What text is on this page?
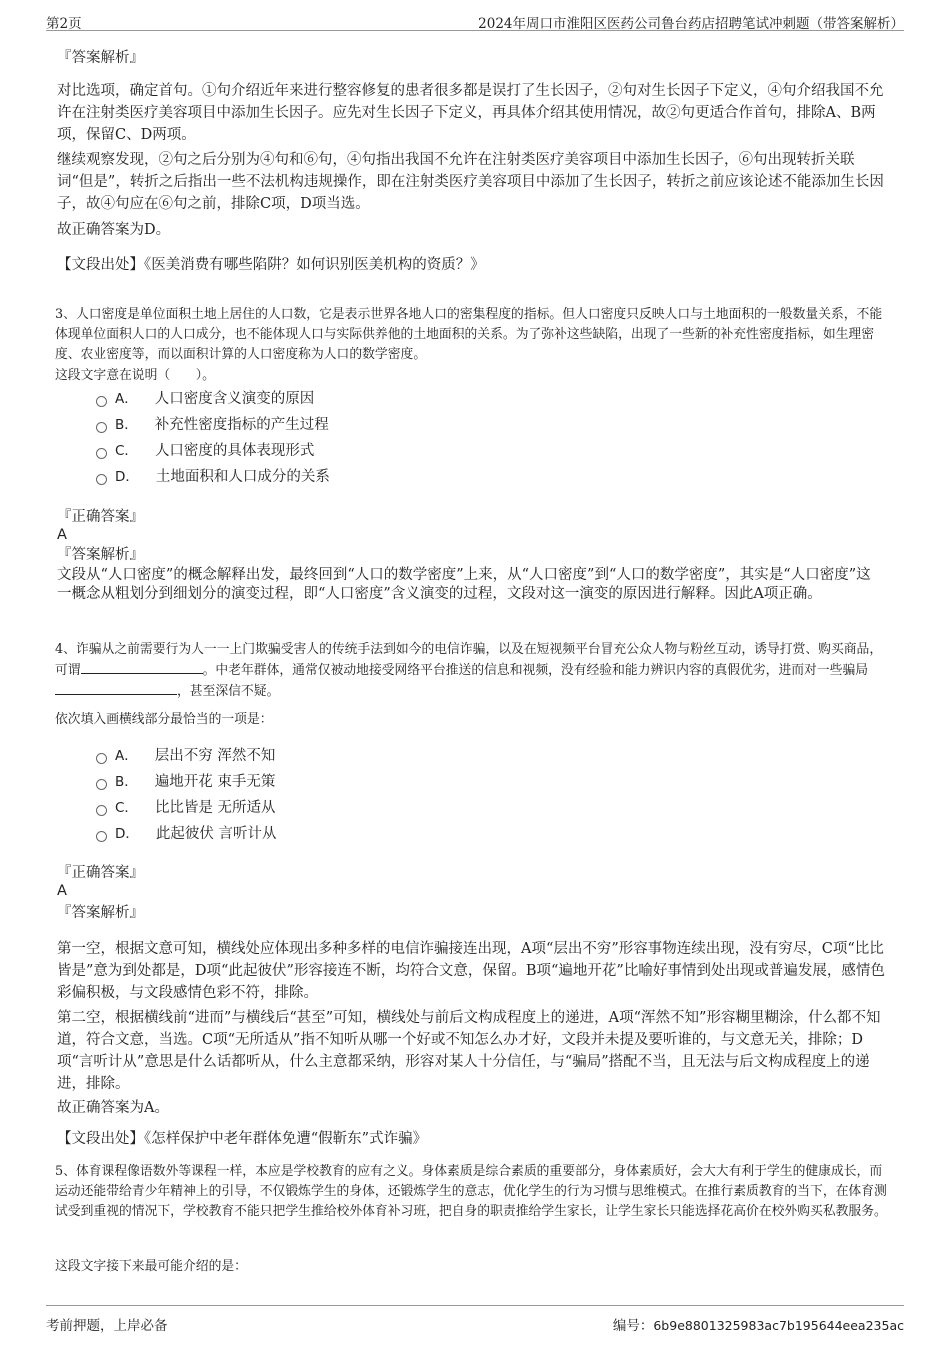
第2页	2024年周口市淮阳区医药公司鲁台药店招聘笔试冲刺题（带答案解析）

『答案解析』

对比选项，确定首句。①句介绍近年来进行整容修复的患者很多都是误打了生长因子，②句对生长因子下定义，④句介绍我国不允许在注射类医疗美容项目中添加生长因子。应先对生长因子下定义，再具体介绍其使用情况，故②句更适合作首句，排除A、B两项，保留C、D两项。

继续观察发现，②句之后分别为④句和⑥句，④句指出我国不允许在注射类医疗美容项目中添加生长因子，⑥句出现转折关联词“但是”，转折之后指出一些不法机构违规操作，即在注射类医疗美容项目中添加了生长因子，转折之前应该论述不能添加生长因子，故④句应在⑥句之前，排除C项，D项当选。

故正确答案为D。

【文段出处】《医美消费有哪些陷阱？如何识别医美机构的资质？》

3、人口密度是单位面积土地上居住的人口数，它是表示世界各地人口的密集程度的指标。但人口密度只反映人口与土地面积的一般数量关系，不能体现单位面积人口的人口成分，也不能体现人口与实际供养他的土地面积的关系。为了弥补这些缺陷，出现了一些新的补充性密度指标，如生理密度、农业密度等，而以面积计算的人口密度称为人口的数学密度。

这段文字意在说明（　　）。

A． 人口密度含义演变的原因
B． 补充性密度指标的产生过程
C． 人口密度的具体表现形式
D． 土地面积和人口成分的关系

『正确答案』

A

『答案解析』

文段从“人口密度”的概念解释出发，最终回到“人口的数学密度”上来，从“人口密度”到“人口的数学密度”，其实是“人口密度”这一概念从粗划分到细划分的演变过程，即“人口密度”含义演变的过程，文段对这一演变的原因进行解释。因此A项正确。

4、诈骗从之前需要行为人一一上门欺骗受害人的传统手法到如今的电信诈骗，以及在短视频平台冒充公众人物与粉丝互动，诱导打赏、购买商品，可谓	。中老年群体，通常仅被动地接受网络平台推送的信息和视频，没有经验和能力辨识内容的真假优劣，进而对一些骗局，甚至深信不疑。

依次填入画横线部分最恰当的一项是：

A． 层出不穷 浑然不知
B． 遍地开花 束手无策
C． 比比皆是 无所适从
D． 此起彼伏 言听计从

『正确答案』

A

『答案解析』

第一空，根据文意可知，横线处应体现出多种多样的电信诈骗接连出现，A项“层出不穷”形容事物连续出现，没有穷尽，C项“比比皆是”意为到处都是，D项“此起彼伏”形容接连不断，均符合文意，保留。B项“遍地开花”比喻好事情到处出现或普遍发展，感情色彩偏积极，与文段感情色彩不符，排除。

第二空，根据横线前“进而”与横线后“甚至”可知，横线处与前后文构成程度上的递进，A项“浑然不知”形容糊里糊涂，什么都不知道，符合文意，当选。C项“无所适从”指不知听从哪一个好或不知怎么办才好，文段并未提及要听谁的，与文意无关，排除；D项“言听计从”意思是什么话都听从，什么主意都采纳，形容对某人十分信任，与“骗局”搭配不当，且无法与后文构成程度上的递进，排除。

故正确答案为A。

【文段出处】《怎样保护中老年群体免遭“假靳东”式诈骗》

5、体育课程像语数外等课程一样，本应是学校教育的应有之义。身体素质是综合素质的重要部分，身体素质好，会大大有利于学生的健康成长，而运动还能带给青少年精神上的引导，不仅锻炼学生的身体，还锻炼学生的意志，优化学生的行为习惯与思维模式。在推行素质教育的当下，在体育测试受到重视的情况下，学校教育不能只把学生推给校外体育补习班，把自身的职责推给学生家长，让学生家长只能选择花高价在校外购买私教服务。

这段文字接下来最可能介绍的是：

考前押题，上岸必备	编号：6b9e8801325983ac7b195644eea235ac
